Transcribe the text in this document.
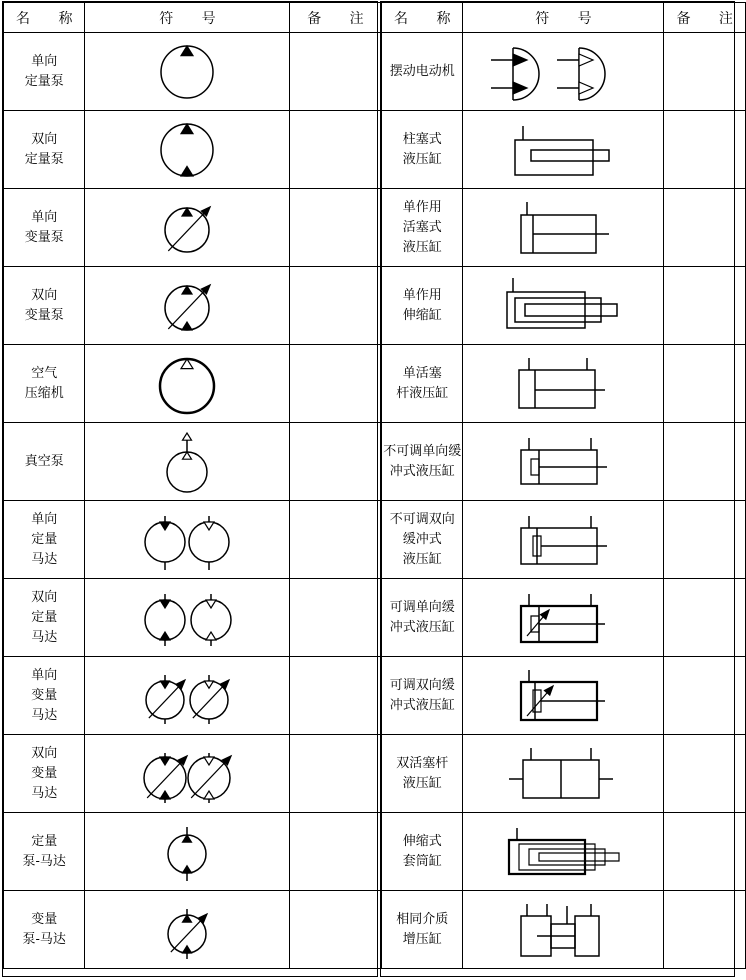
名 称	符 号	备 注

单向
定量泵

双向
定量泵

单向
变量泵

双向
变量泵

空气
压缩机

真空泵

单向
定量
马达

双向
定量
马达

单向
变量
马达

双向
变量
马达

定量
泵-马达

变量
泵-马达

名 称	符 号	备 注

摆动电动机

柱塞式
液压缸

单作用
活塞式
液压缸

单作用
伸缩缸

单活塞
杆液压缸

不可调单向缓
冲式液压缸

不可调双向
缓冲式
液压缸

可调单向缓
冲式液压缸

可调双向缓
冲式液压缸

双活塞杆
液压缸

伸缩式
套筒缸

相同介质
增压缸
